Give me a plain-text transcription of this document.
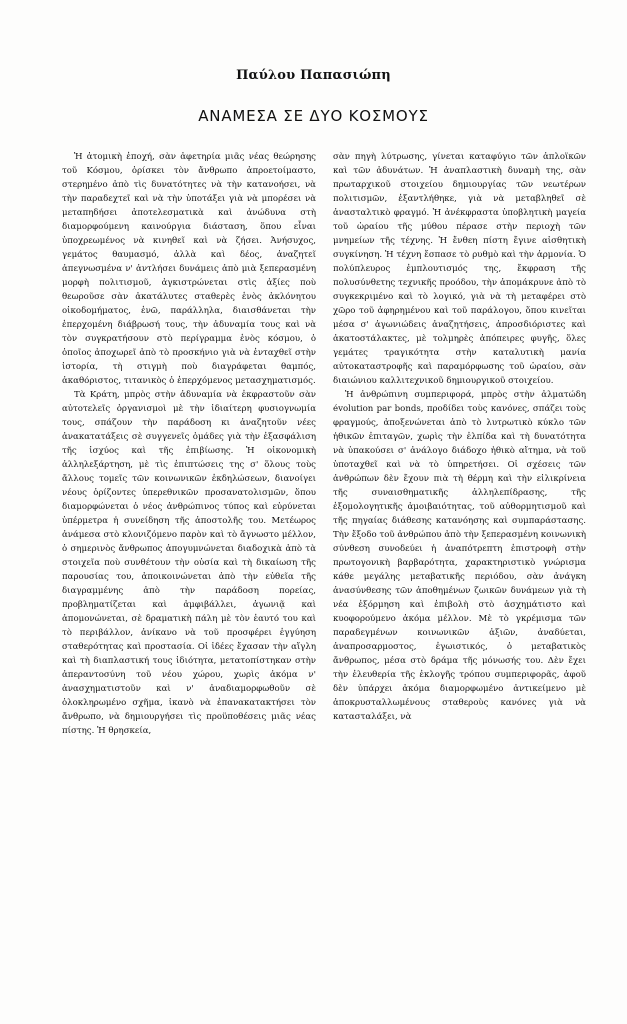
Παύλου Παπασιώπη
ΑΝΑΜΕΣΑ ΣΕ ΔΥΟ ΚΟΣΜΟΥΣ

Ἡ ἀτομικὴ ἐποχή, σὰν ἀφετηρία μιᾶς νέας θεώρησης τοῦ Κόσμου, ὁρίσκει τὸν ἄνθρωπο ἀπροετοίμαστο, στερημένο ἀπὸ τὶς δυνατότητες νὰ τὴν κατανοήσει, νὰ τὴν παραδεχτεῖ καὶ νὰ τὴν ὑποτάξει γιὰ νὰ μπορέσει νὰ μεταπηδήσει ἀποτελεσματικὰ καὶ ἀνώδυνα στὴ διαμορφούμενη καινούργια διάσταση, ὅπου εἶναι ὑποχρεωμένος νὰ κινηθεῖ καὶ νὰ ζήσει. Ἀνήσυχος, γεμάτος θαυμασμό, ἀλλὰ καὶ δέος, ἀναζητεῖ ἀπεγνωσμένα ν' ἀντλήσει δυνάμεις ἀπὸ μιὰ ξεπερασμένη μορφὴ πολιτισμοῦ, ἀγκιστρώνεται στὶς ἀξίες ποὺ θεωροῦσε σὰν ἀκατάλυτες σταθερὲς ἑνὸς ἀκλόνητου οἰκοδομήματος, ἐνῶ, παράλληλα, διαισθάνεται τὴν ἐπερχομένη διάβρωσή τους, τὴν ἀδυναμία τους καὶ νὰ τὸν συγκρατήσουν στὸ περίγραμμα ἑνὸς κόσμου, ὁ ὁποῖος ἀποχωρεῖ ἀπὸ τὸ προσκήνιο γιὰ νὰ ἐνταχθεῖ στὴν ἱστορία, τὴ στιγμὴ ποὺ διαγράφεται θαμπός, ἀκαθόριστος, τιτανικὸς ὁ ἐπερχόμενος μετασχηματισμός.

Τὰ Κράτη, μπρὸς στὴν ἀδυναμία νὰ ἐκφραστοῦν σὰν αὐτοτελεῖς ὀργανισμοὶ μὲ τὴν ἰδιαίτερη φυσιογνωμία τους, σπάζουν τὴν παράδοση κι ἀναζητοῦν νέες ἀνακατατάξεις σὲ συγγενεῖς ὁμάδες γιὰ τὴν ἐξασφάλιση τῆς ἰσχύος καὶ τῆς ἐπιβίωσης. Ἡ οἰκονομικὴ ἀλληλεξάρτηση, μὲ τὶς ἐπιπτώσεις της σ' ὅλους τοὺς ἄλλους τομεῖς τῶν κοινωνικῶν ἐκδηλώσεων, διανοίγει νέους ὁρίζοντες ὑπερεθνικῶν προσανατολισμῶν, ὅπου διαμορφώνεται ὁ νέος ἀνθρώπινος τύπος καὶ εὐρύνεται ὑπέρμετρα ἡ συνείδηση τῆς ἀποστολῆς του. Μετέωρος ἀνάμεσα στὸ κλονιζόμενο παρὸν καὶ τὸ ἄγνωστο μέλλον, ὁ σημερινὸς ἄνθρωπος ἀπογυμνώνεται διαδοχικὰ ἀπὸ τὰ στοιχεῖα ποὺ συνθέτουν τὴν οὐσία καὶ τὴ δικαίωση τῆς παρουσίας του, ἀποικοινώνεται ἀπὸ τὴν εὐθεῖα τῆς διαγραμμένης ἀπὸ τὴν παράδοση πορείας, προβληματίζεται καὶ ἀμφιβάλλει, ἀγωνιᾷ καὶ ἀπομονώνεται, σὲ δραματικὴ πάλη μὲ τὸν ἑαυτό του καὶ τὸ περιβάλλον, ἀνίκανο νὰ τοῦ προσφέρει ἐγγύηση σταθερότητας καὶ προστασία. Οἱ ἰδέες ἔχασαν τὴν αἴγλη καὶ τὴ διαπλαστική τους ἰδιότητα, μετατοπίστηκαν στὴν ἀπεραντοσύνη τοῦ νέου χώρου, χωρὶς ἀκόμα ν' ἀνασχηματιστοῦν καὶ ν' ἀναδιαμορφωθοῦν σὲ ὁλοκληρωμένο σχῆμα, ἱκανὸ νὰ ἐπανακατακτήσει τὸν ἄνθρωπο, νὰ δημιουργήσει τὶς προϋποθέσεις μιᾶς νέας πίστης. Ἡ θρησκεία,

σὰν πηγὴ λύτρωσης, γίνεται καταφύγιο τῶν ἀπλοϊκῶν καὶ τῶν ἀδυνάτων. Ἡ ἀναπλαστικὴ δυναμὴ της, σὰν πρωταρχικοῦ στοιχείου δημιουργίας τῶν νεωτέρων πολιτισμῶν, ἐξαντλήθηκε, γιὰ νὰ μεταβληθεῖ σὲ ἀνασταλτικὸ φραγμό. Ἡ ἀνέκφραστα ὑποβλητικὴ μαγεία τοῦ ὡραίου τῆς μύθου πέρασε στὴν περιοχὴ τῶν μνημείων τῆς τέχνης. Ἡ ἔνθεη πίστη ἔγινε αἰσθητικὴ συγκίνηση. Ἡ τέχνη ἔσπασε τὸ ρυθμὸ καὶ τὴν ἁρμονία. Ὁ πολύπλευρος ἐμπλουτισμός της, ἔκφραση τῆς πολυσύνθετης τεχνικῆς προόδου, τὴν ἀπομάκρυνε ἀπὸ τὸ συγκεκριμένο καὶ τὸ λογικό, γιὰ νὰ τὴ μεταφέρει στὸ χῶρο τοῦ ἀφηρημένου καὶ τοῦ παράλογου, ὅπου κινεῖται μέσα σ' ἀγωνιώδεις ἀναζητήσεις, ἀπροσδιόριστες καὶ ἀκατοστάλακτες, μὲ τολμηρὲς ἀπόπειρες φυγῆς, ὅλες γεμάτες τραγικότητα στὴν καταλυτικὴ μανία αὐτοκαταστροφῆς καὶ παραμόρφωσης τοῦ ὡραίου, σὰν διαιώνιου καλλιτεχνικοῦ δημιουργικοῦ στοιχείου.

Ἡ ἀνθρώπινη συμπεριφορά, μπρὸς στὴν ἀλματώδη évolution par bonds, προδίδει τοὺς κανόνες, σπάζει τοὺς φραγμούς, ἀποξενώνεται ἀπὸ τὸ λυτρωτικὸ κύκλο τῶν ἠθικῶν ἐπιταγῶν, χωρὶς τὴν ἐλπίδα καὶ τὴ δυνατότητα νὰ ὑπακούσει σ' ἀνάλογο διάδοχο ἠθικὸ αἴτημα, νὰ τοῦ ὑποταχθεῖ καὶ νὰ τὸ ὑπηρετήσει. Οἱ σχέσεις τῶν ἀνθρώπων δὲν ἔχουν πιὰ τὴ θέρμη καὶ τὴν εἰλικρίνεια τῆς συναισθηματικῆς ἀλληλεπίδρασης, τῆς ἐξομολογητικῆς ἀμοιβαιότητας, τοῦ αὐθορμητισμοῦ καὶ τῆς πηγαίας διάθεσης κατανόησης καὶ συμπαράστασης. Τὴν ἔξοδο τοῦ ἀνθρώπου ἀπὸ τὴν ξεπερασμένη κοινωνικὴ σύνθεση συνοδεύει ἡ ἀναπότρεπτη ἐπιστροφὴ στὴν πρωτογονικὴ βαρβαρότητα, χαρακτηριστικὸ γνώρισμα κάθε μεγάλης μεταβατικῆς περιόδου, σὰν ἀνάγκη ἀνασύνθεσης τῶν ἀποθημένων ζωικῶν δυνάμεων γιὰ τὴ νέα ἐξόρμηση καὶ ἐπιβολὴ στὸ ἀσχημάτιστο καὶ κυοφορούμενο ἀκόμα μέλλον. Μὲ τὸ γκρέμισμα τῶν παραδεγμένων κοινωνικῶν ἀξιῶν, ἀναδύεται, ἀναπροσαρμοστος, ἐγωιστικός, ὁ μεταβατικὸς ἄνθρωπος, μέσα στὸ δράμα τῆς μόνωσής του. Δὲν ἔχει τὴν ἐλευθερία τῆς ἐκλογῆς τρόπου συμπεριφορᾶς, ἀφοῦ δὲν ὑπάρχει ἀκόμα διαμορφωμένο ἀντικείμενο μὲ ἀποκρυσταλλωμένους σταθεροὺς κανόνες γιὰ νὰ κατασταλάξει, νὰ
